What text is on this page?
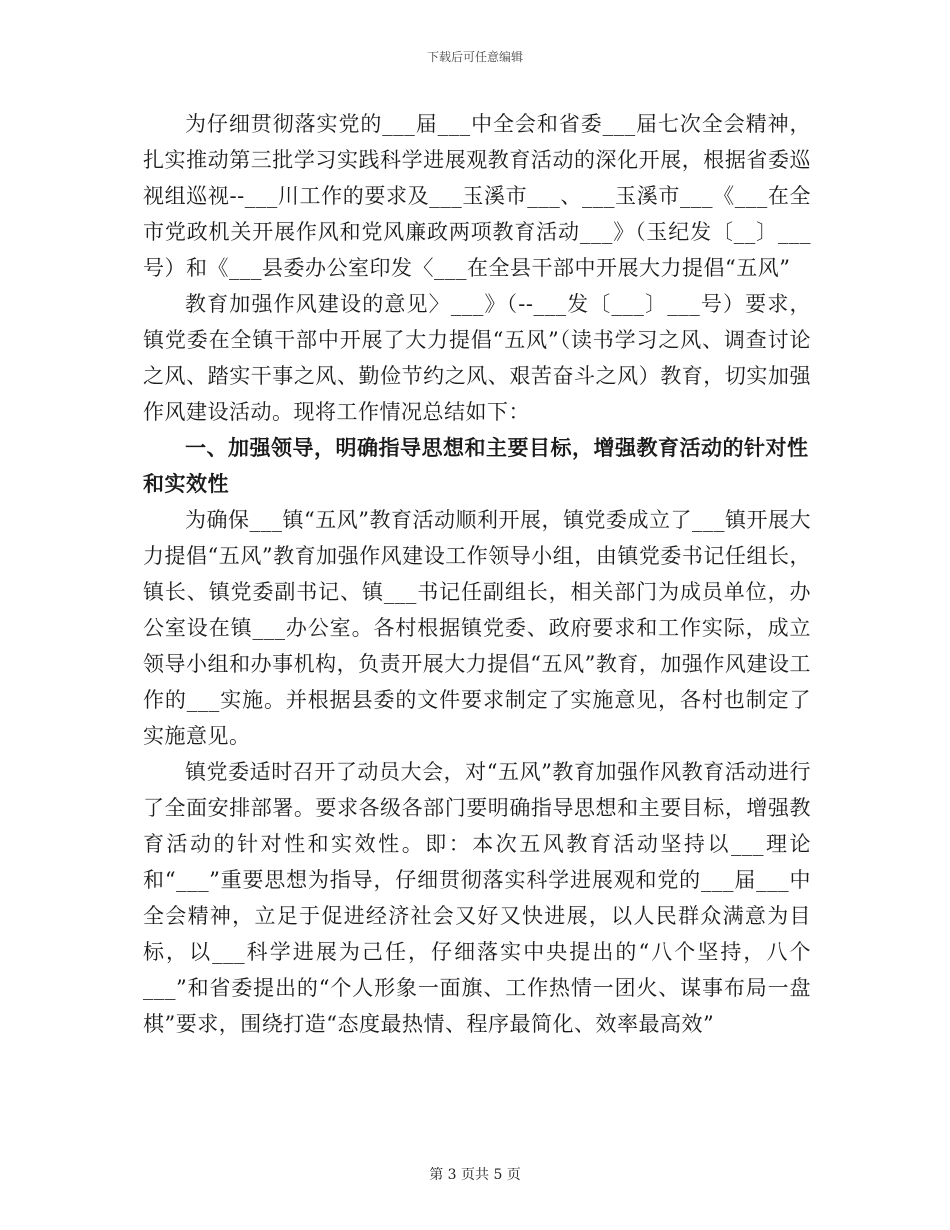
下载后可任意编辑

为仔细贯彻落实党的___届___中全会和省委___届七次全会精神，扎实推动第三批学习实践科学进展观教育活动的深化开展，根据省委巡视组巡视--___川工作的要求及___玉溪市___、___玉溪市___《___在全市党政机关开展作风和党风廉政两项教育活动___》（玉纪发〔__〕___号）和《___县委办公室印发〈___在全县干部中开展大力提倡“五风”

教育加强作风建设的意见〉___》（--___发〔___〕___号）要求，镇党委在全镇干部中开展了大力提倡“五风”（读书学习之风、调查讨论之风、踏实干事之风、勤俭节约之风、艰苦奋斗之风）教育，切实加强作风建设活动。现将工作情况总结如下：

一、加强领导，明确指导思想和主要目标，增强教育活动的针对性和实效性

为确保___镇“五风”教育活动顺利开展，镇党委成立了___镇开展大力提倡“五风”教育加强作风建设工作领导小组，由镇党委书记任组长，镇长、镇党委副书记、镇___书记任副组长，相关部门为成员单位，办公室设在镇___办公室。各村根据镇党委、政府要求和工作实际，成立领导小组和办事机构，负责开展大力提倡“五风”教育，加强作风建设工作的___实施。并根据县委的文件要求制定了实施意见，各村也制定了实施意见。

镇党委适时召开了动员大会，对“五风”教育加强作风教育活动进行了全面安排部署。要求各级各部门要明确指导思想和主要目标，增强教育活动的针对性和实效性。即：本次五风教育活动坚持以___理论和“___”重要思想为指导，仔细贯彻落实科学进展观和党的___届___中全会精神，立足于促进经济社会又好又快进展，以人民群众满意为目标，以___科学进展为己任，仔细落实中央提出的“八个坚持，八个___”和省委提出的“个人形象一面旗、工作热情一团火、谋事布局一盘棋”要求，围绕打造“态度最热情、程序最简化、效率最高效”

第 3 页共 5 页
